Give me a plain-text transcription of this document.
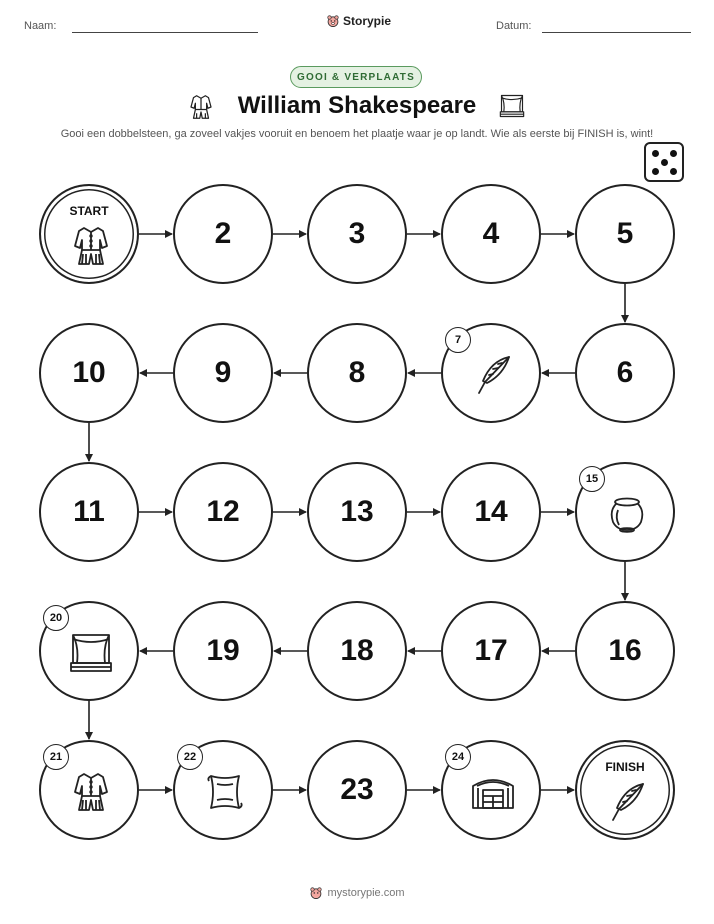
Naam:	Storypie	Datum:
GOOI & VERPLAATS
William Shakespeare
Gooi een dobbelsteen, ga zoveel vakjes vooruit en benoem het plaatje waar je op landt. Wie als eerste bij FINISH is, wint!
START
2	3	4	5
6
7
8
9
10
11	12	13	14
15
16
17
18
19
20
21	22
23
24
FINISH
mystorypie.com
